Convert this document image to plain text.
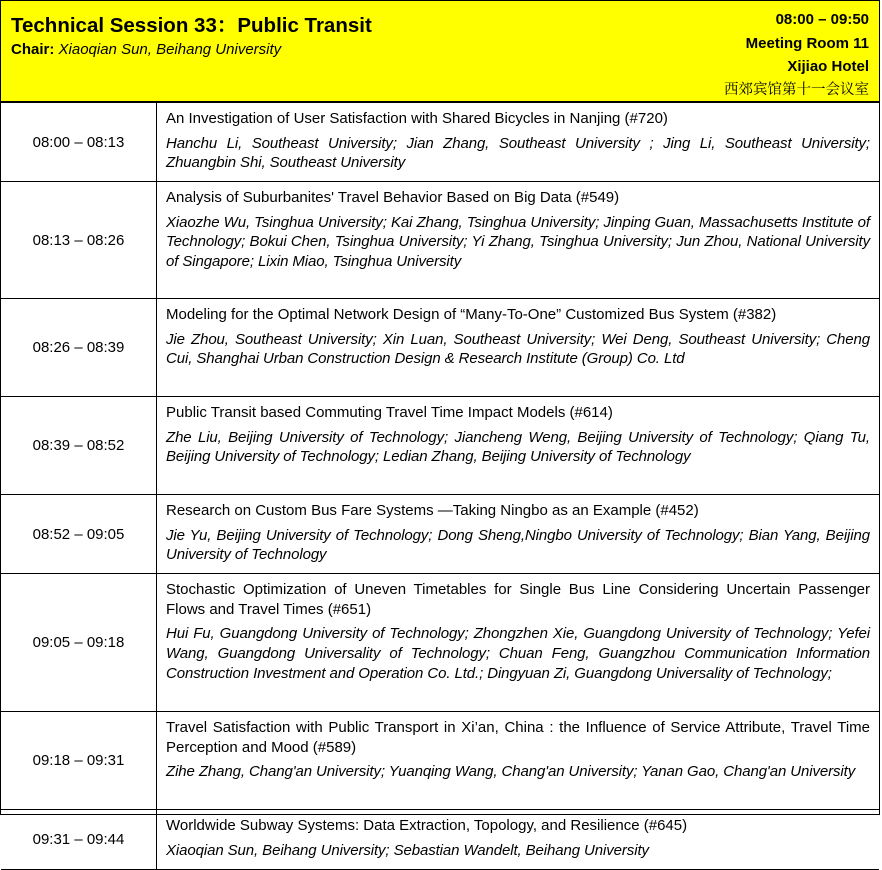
Technical Session 33：Public Transit
Chair: Xiaoqian Sun, Beihang University
08:00 – 09:50
Meeting Room 11
Xijiao Hotel
西郊宾馆第十一会议室
08:00 – 08:13	An Investigation of User Satisfaction with Shared Bicycles in Nanjing (#720)
Hanchu Li, Southeast University; Jian Zhang, Southeast University ; Jing Li, Southeast University; Zhuangbin Shi, Southeast University

08:13 – 08:26	Analysis of Suburbanites' Travel Behavior Based on Big Data (#549)
Xiaozhe Wu, Tsinghua University; Kai Zhang, Tsinghua University; Jinping Guan, Massachusetts Institute of Technology; Bokui Chen, Tsinghua University; Yi Zhang, Tsinghua University; Jun Zhou, National University of Singapore; Lixin Miao, Tsinghua University

08:26 – 08:39	Modeling for the Optimal Network Design of “Many-To-One” Customized Bus System (#382)
Jie Zhou, Southeast University; Xin Luan, Southeast University; Wei Deng, Southeast University; Cheng Cui, Shanghai Urban Construction Design & Research Institute (Group) Co. Ltd

08:39 – 08:52	Public Transit based Commuting Travel Time Impact Models (#614)
Zhe Liu, Beijing University of Technology; Jiancheng Weng, Beijing University of Technology; Qiang Tu, Beijing University of Technology; Ledian Zhang, Beijing University of Technology

08:52 – 09:05	Research on Custom Bus Fare Systems —Taking Ningbo as an Example (#452)
Jie Yu, Beijing University of Technology; Dong Sheng,Ningbo University of Technology; Bian Yang, Beijing University of Technology

09:05 – 09:18	Stochastic Optimization of Uneven Timetables for Single Bus Line Considering Uncertain Passenger Flows and Travel Times (#651)
Hui Fu, Guangdong University of Technology; Zhongzhen Xie, Guangdong University of Technology; Yefei Wang, Guangdong Universality of Technology; Chuan Feng, Guangzhou Communication Information Construction Investment and Operation Co. Ltd.; Dingyuan Zi, Guangdong Universality of Technology;

09:18 – 09:31	Travel Satisfaction with Public Transport in Xi’an, China : the Influence of Service Attribute, Travel Time Perception and Mood (#589)
Zihe Zhang, Chang'an University; Yuanqing Wang, Chang'an University; Yanan Gao, Chang'an University

09:31 – 09:44	Worldwide Subway Systems: Data Extraction, Topology, and Resilience (#645)
Xiaoqian Sun, Beihang University; Sebastian Wandelt, Beihang University
